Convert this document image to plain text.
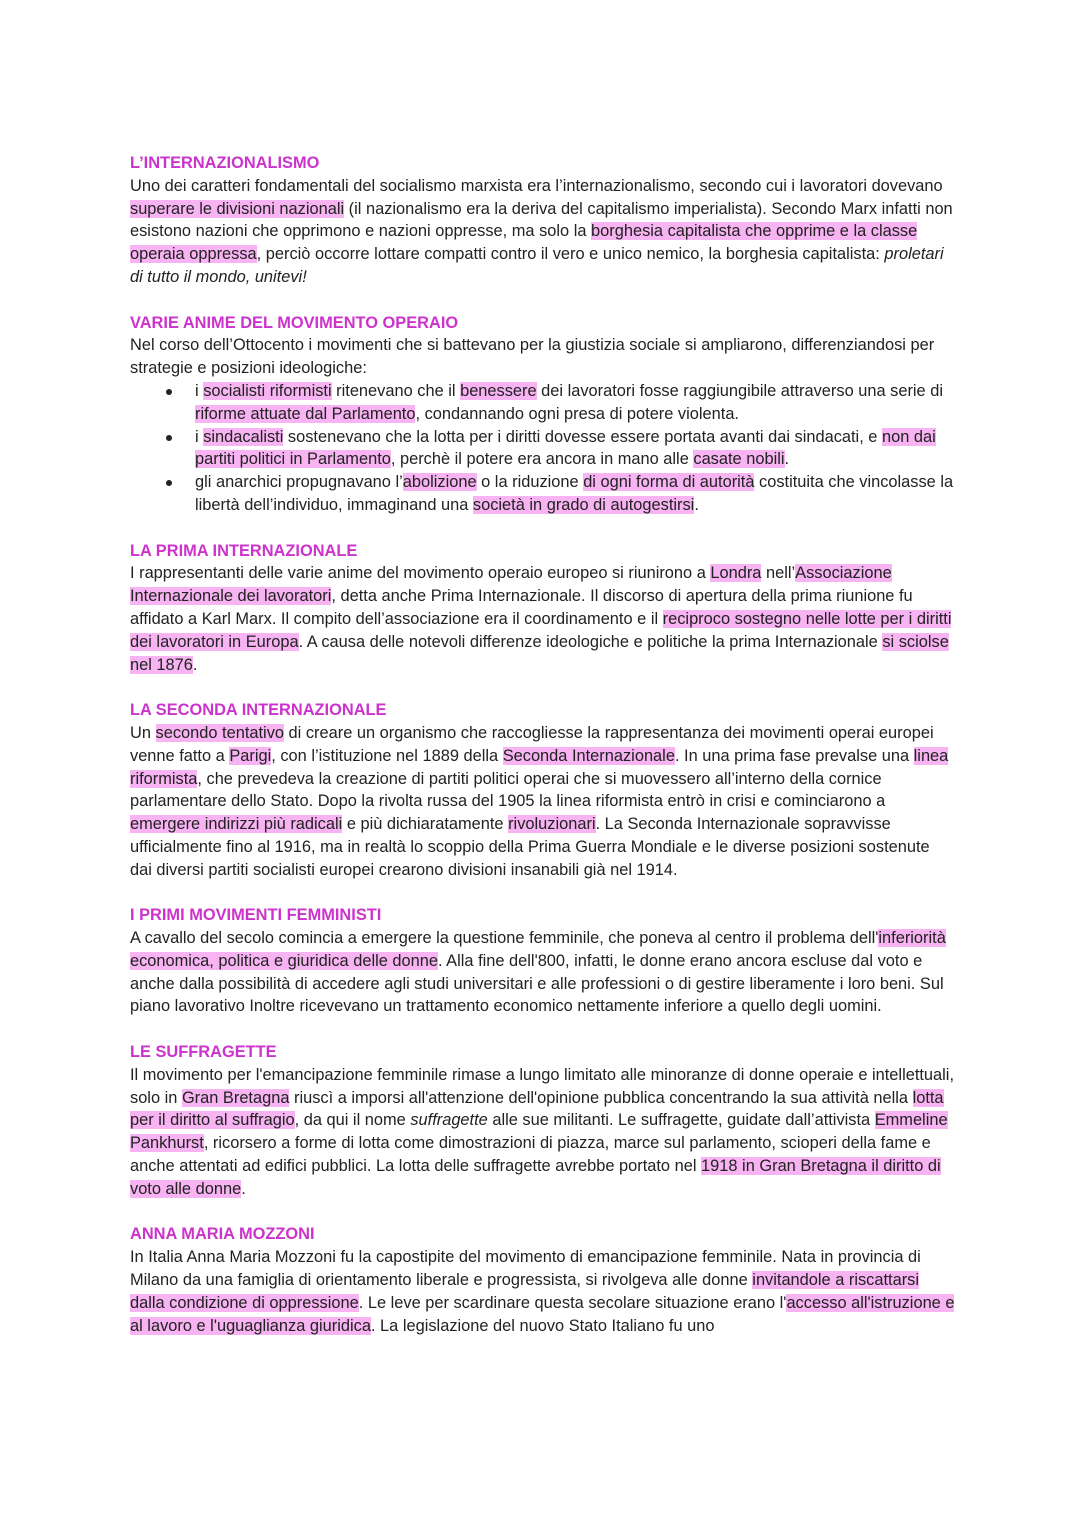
L’INTERNAZIONALISMO

Uno dei caratteri fondamentali del socialismo marxista era l’internazionalismo, secondo cui i lavoratori dovevano superare le divisioni nazionali (il nazionalismo era la deriva del capitalismo imperialista). Secondo Marx infatti non esistono nazioni che opprimono e nazioni oppresse, ma solo la borghesia capitalista che opprime e la classe operaia oppressa, perciò occorre lottare compatti contro il vero e unico nemico, la borghesia capitalista: proletari di tutto il mondo, unitevi!

VARIE ANIME DEL MOVIMENTO OPERAIO

Nel corso dell’Ottocento i movimenti che si battevano per la giustizia sociale si ampliarono, differenziandosi per strategie e posizioni ideologiche:

i socialisti riformisti ritenevano che il benessere dei lavoratori fosse raggiungibile attraverso una serie di riforme attuate dal Parlamento, condannando ogni presa di potere violenta.
i sindacalisti sostenevano che la lotta per i diritti dovesse essere portata avanti dai sindacati, e non dai partiti politici in Parlamento, perchè il potere era ancora in mano alle casate nobili.
gli anarchici propugnavano l’abolizione o la riduzione di ogni forma di autorità costituita che vincolasse la libertà dell’individuo, immaginand una società in grado di autogestirsi.
LA PRIMA INTERNAZIONALE

I rappresentanti delle varie anime del movimento operaio europeo si riunirono a Londra nell’Associazione Internazionale dei lavoratori, detta anche Prima Internazionale. Il discorso di apertura della prima riunione fu affidato a Karl Marx. Il compito dell’associazione era il coordinamento e il reciproco sostegno nelle lotte per i diritti dei lavoratori in Europa. A causa delle notevoli differenze ideologiche e politiche la prima Internazionale si sciolse nel 1876.

LA SECONDA INTERNAZIONALE

Un secondo tentativo di creare un organismo che raccogliesse la rappresentanza dei movimenti operai europei venne fatto a Parigi, con l’istituzione nel 1889 della Seconda Internazionale. In una prima fase prevalse una linea riformista, che prevedeva la creazione di partiti politici operai che si muovessero all’interno della cornice parlamentare dello Stato. Dopo la rivolta russa del 1905 la linea riformista entrò in crisi e cominciarono a emergere indirizzi più radicali e più dichiaratamente rivoluzionari. La Seconda Internazionale sopravvisse ufficialmente fino al 1916, ma in realtà lo scoppio della Prima Guerra Mondiale e le diverse posizioni sostenute dai diversi partiti socialisti europei crearono divisioni insanabili già nel 1914.

I PRIMI MOVIMENTI FEMMINISTI

A cavallo del secolo comincia a emergere la questione femminile, che poneva al centro il problema dell'inferiorità economica, politica e giuridica delle donne. Alla fine dell'800, infatti, le donne erano ancora escluse dal voto e anche dalla possibilità di accedere agli studi universitari e alle professioni o di gestire liberamente i loro beni. Sul piano lavorativo Inoltre ricevevano un trattamento economico nettamente inferiore a quello degli uomini.

LE SUFFRAGETTE

Il movimento per l'emancipazione femminile rimase a lungo limitato alle minoranze di donne operaie e intellettuali, solo in Gran Bretagna riuscì a imporsi all'attenzione dell'opinione pubblica concentrando la sua attività nella lotta per il diritto al suffragio, da qui il nome suffragette alle sue militanti. Le suffragette, guidate dall’attivista Emmeline Pankhurst, ricorsero a forme di lotta come dimostrazioni di piazza, marce sul parlamento, scioperi della fame e anche attentati ad edifici pubblici. La lotta delle suffragette avrebbe portato nel 1918 in Gran Bretagna il diritto di voto alle donne.

ANNA MARIA MOZZONI

In Italia Anna Maria Mozzoni fu la capostipite del movimento di emancipazione femminile. Nata in provincia di Milano da una famiglia di orientamento liberale e progressista, si rivolgeva alle donne invitandole a riscattarsi dalla condizione di oppressione. Le leve per scardinare questa secolare situazione erano l'accesso all'istruzione e al lavoro e l'uguaglianza giuridica. La legislazione del nuovo Stato Italiano fu uno
